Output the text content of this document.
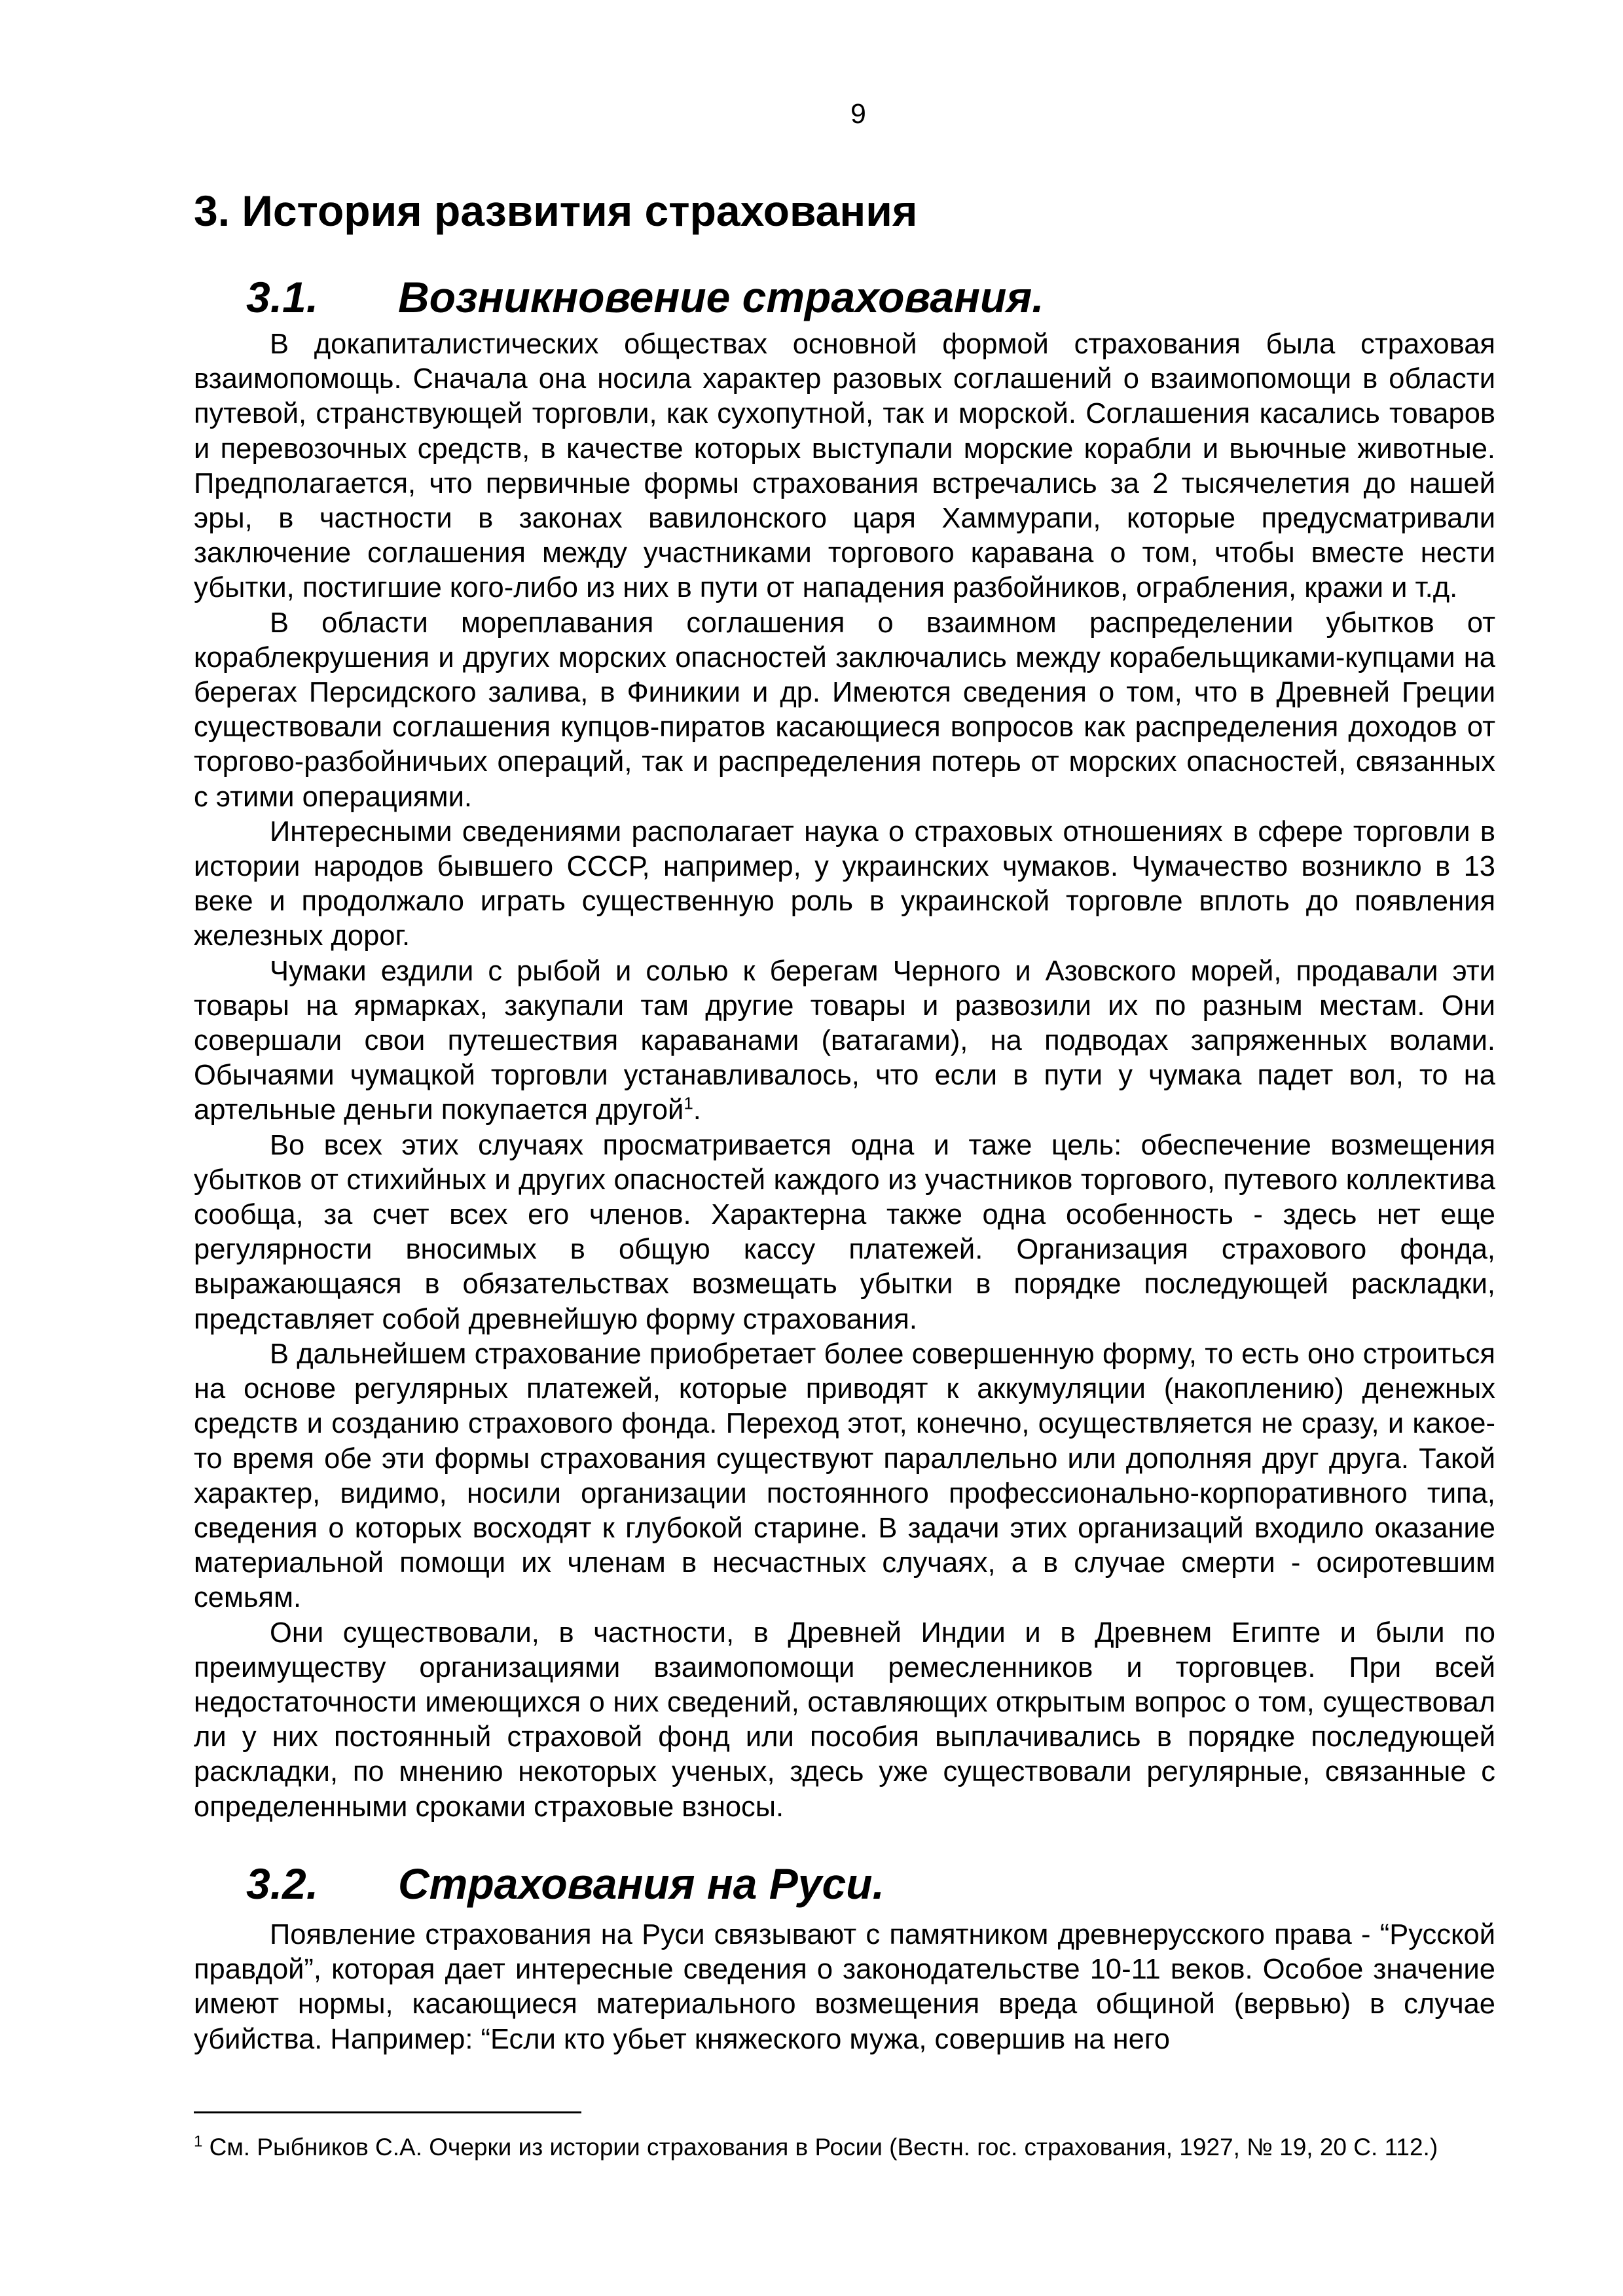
9
3. История развития страхования
3.1. Возникновение страхования.

В докапиталистических обществах основной формой страхования была страховая взаимопомощь. Сначала она носила характер разовых соглашений о взаимопомощи в области путевой, странствующей торговли, как сухопутной, так и морской. Соглашения касались товаров и перевозочных средств, в качестве которых выступали морские корабли и вьючные животные. Предполагается, что первичные формы страхования встречались за 2 тысячелетия до нашей эры, в частности в законах вавилонского царя Хаммурапи, которые предусматривали заключение соглашения между участниками торгового каравана о том, чтобы вместе нести убытки, постигшие кого-либо из них в пути от нападения разбойников, ограбления, кражи и т.д.

В области мореплавания соглашения о взаимном распределении убытков от кораблекрушения и других морских опасностей заключались между корабельщиками-купцами на берегах Персидского залива, в Финикии и др. Имеются сведения о том, что в Древней Греции существовали соглашения купцов-пиратов касающиеся вопросов как распределения доходов от торгово-разбойничьих операций, так и распределения потерь от морских опасностей, связанных с этими операциями.

Интересными сведениями располагает наука о страховых отношениях в сфере торговли в истории народов бывшего СССР, например, у украинских чумаков. Чумачество возникло в 13 веке и продолжало играть существенную роль в украинской торговле вплоть до появления железных дорог.

Чумаки ездили с рыбой и солью к берегам Черного и Азовского морей, продавали эти товары на ярмарках, закупали там другие товары и развозили их по разным местам. Они совершали свои путешествия караванами (ватагами), на подводах запряженных волами. Обычаями чумацкой торговли устанавливалось, что если в пути у чумака падет вол, то на артельные деньги покупается другой$^1$.

Во всех этих случаях просматривается одна и таже цель: обеспечение возмещения убытков от стихийных и других опасностей каждого из участников торгового, путевого коллектива сообща, за счет всех его членов. Характерна также одна особенность - здесь нет еще регулярности вносимых в общую кассу платежей. Организация страхового фонда, выражающаяся в обязательствах возмещать убытки в порядке последующей раскладки, представляет собой древнейшую форму страхования.

В дальнейшем страхование приобретает более совершенную форму, то есть оно строиться на основе регулярных платежей, которые приводят к аккумуляции (накоплению) денежных средств и созданию страхового фонда. Переход этот, конечно, осуществляется не сразу, и какое-то время обе эти формы страхования существуют параллельно или дополняя друг друга. Такой характер, видимо, носили организации постоянного профессионально-корпоративного типа, сведения о которых восходят к глубокой старине. В задачи этих организаций входило оказание материальной помощи их членам в несчастных случаях, а в случае смерти - осиротевшим семьям.

Они существовали, в частности, в Древней Индии и в Древнем Египте и были по преимуществу организациями взаимопомощи ремесленников и торговцев. При всей недостаточности имеющихся о них сведений, оставляющих открытым вопрос о том, существовал ли у них постоянный страховой фонд или пособия выплачивались в порядке последующей раскладки, по мнению некоторых ученых, здесь уже существовали регулярные, связанные с определенными сроками страховые взносы.

3.2. Страхования на Руси.

Появление страхования на Руси связывают с памятником древнерусского права - “Русской правдой”, которая дает интересные сведения о законодательстве 10-11 веков. Особое значение имеют нормы, касающиеся материального возмещения вреда общиной (вервью) в случае убийства. Например: “Если кто убьет княжеского мужа, совершив на него

$^1$ См. Рыбников С.А. Очерки из истории страхования в Росии (Вестн. гос. страхования, 1927, № 19, 20 С. 112.)
